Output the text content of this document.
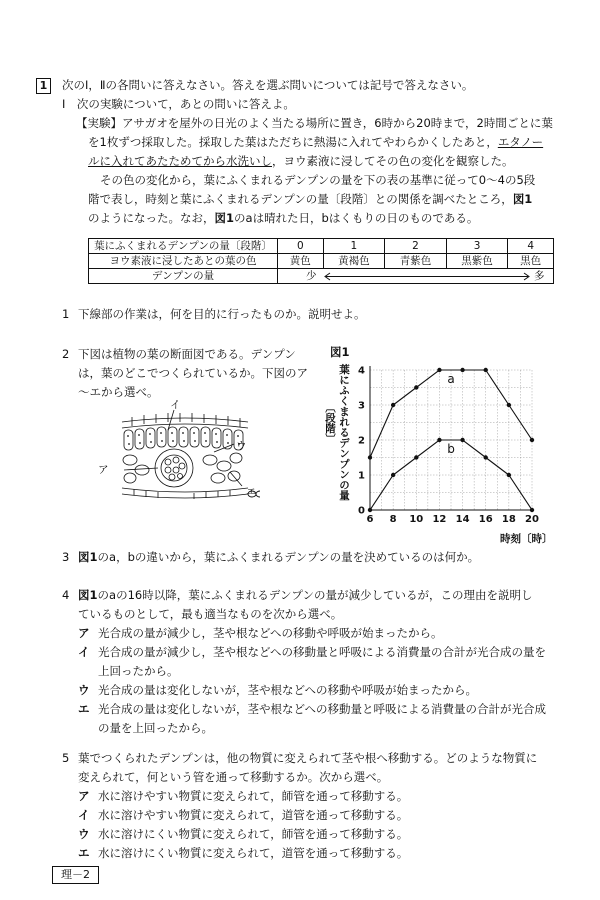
1	次のⅠ，Ⅱの各問いに答えなさい。答えを選ぶ問いについては記号で答えなさい。
Ⅰ　次の実験について，あとの問いに答えよ。
【実験】アサガオを屋外の日光のよく当たる場所に置き，6時から20時まで，2時間ごとに葉
を1枚ずつ採取した。採取した葉はただちに熱湯に入れてやわらかくしたあと，エタノー
ルに入れてあたためてから水洗いし，ヨウ素液に浸してその色の変化を観察した。
その色の変化から，葉にふくまれるデンプンの量を下の表の基準に従って0～4の5段
階で表し，時刻と葉にふくまれるデンプンの量〔段階〕との関係を調べたところ，図1
のようになった。なお，図1のaは晴れた日，bはくもりの日のものである。
葉にふくまれるデンプンの量〔段階〕	0	1	2	3	4
ヨウ素液に浸したあとの葉の色	黄色	黄褐色	青紫色	黒紫色	黒色
デンプンの量	少 多				
1 下線部の作業は，何を目的に行ったものか。説明せよ。
2 下図は植物の葉の断面図である。デンプン
は，葉のどこでつくられているか。下図のア
～エから選べ。
イ
ア
ウ
エ
図1
葉にふくまれるデンプンの量
〔段階〕
6 8 10 12 14 16 18 20
0
1
2
3
4
a
b
時刻〔時〕
3 図1のa，bの違いから，葉にふくまれるデンプンの量を決めているのは何か。
4 図1のaの16時以降，葉にふくまれるデンプンの量が減少しているが，この理由を説明し
ているものとして，最も適当なものを次から選べ。
ア 光合成の量が減少し，茎や根などへの移動や呼吸が始まったから。
イ 光合成の量が減少し，茎や根などへの移動量と呼吸による消費量の合計が光合成の量を
上回ったから。
ウ 光合成の量は変化しないが，茎や根などへの移動や呼吸が始まったから。
エ 光合成の量は変化しないが，茎や根などへの移動量と呼吸による消費量の合計が光合成
の量を上回ったから。
5 葉でつくられたデンプンは，他の物質に変えられて茎や根へ移動する。どのような物質に
変えられて，何という管を通って移動するか。次から選べ。
ア 水に溶けやすい物質に変えられて，師管を通って移動する。
イ 水に溶けやすい物質に変えられて，道管を通って移動する。
ウ 水に溶けにくい物質に変えられて，師管を通って移動する。
エ 水に溶けにくい物質に変えられて，道管を通って移動する。
理－2
